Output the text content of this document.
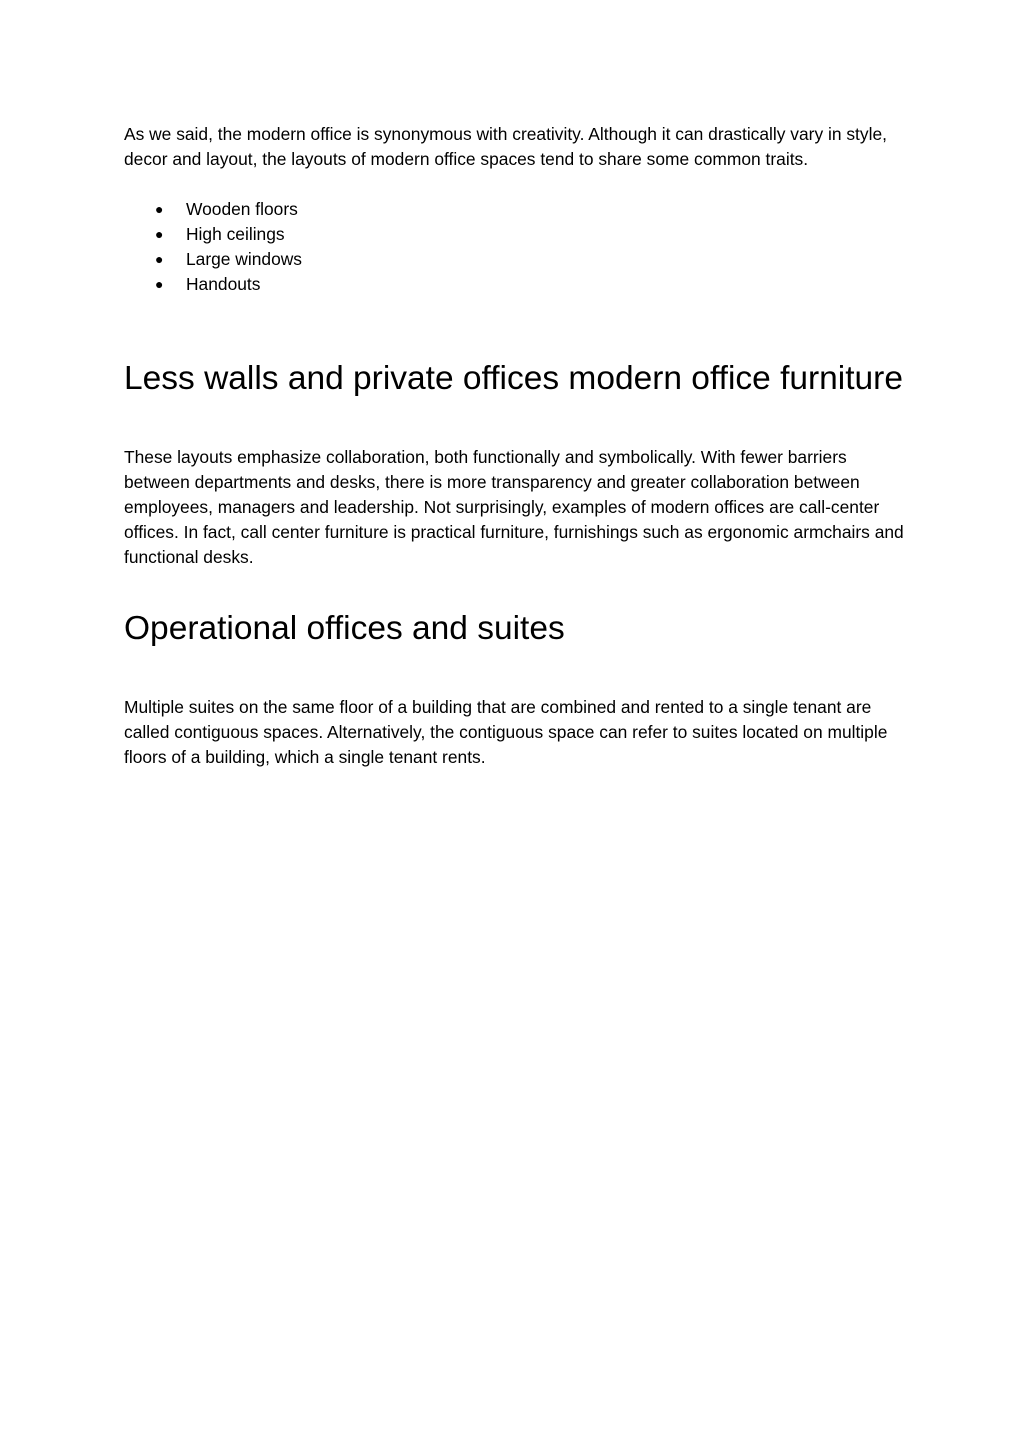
As we said, the modern office is synonymous with creativity. Although it can drastically vary in style, decor and layout, the layouts of modern office spaces tend to share some common traits.

● Wooden floors
● High ceilings
● Large windows
● Handouts
Less walls and private offices modern office furniture

These layouts emphasize collaboration, both functionally and symbolically. With fewer barriers between departments and desks, there is more transparency and greater collaboration between employees, managers and leadership. Not surprisingly, examples of modern offices are call-center offices. In fact, call center furniture is practical furniture, furnishings such as ergonomic armchairs and functional desks.

Operational offices and suites

Multiple suites on the same floor of a building that are combined and rented to a single tenant are called contiguous spaces. Alternatively, the contiguous space can refer to suites located on multiple floors of a building, which a single tenant rents.
